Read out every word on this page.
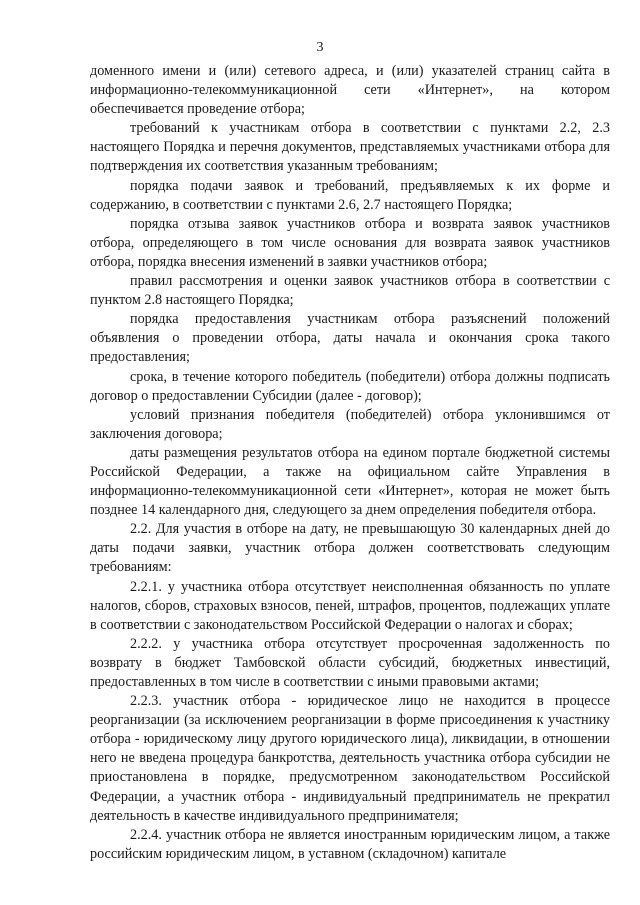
3

доменного имени и (или) сетевого адреса, и (или) указателей страниц сайта в информационно-телекоммуникационной сети «Интернет», на котором обеспечивается проведение отбора;

требований к участникам отбора в соответствии с пунктами 2.2, 2.3 настоящего Порядка и перечня документов, представляемых участниками отбора для подтверждения их соответствия указанным требованиям;

порядка подачи заявок и требований, предъявляемых к их форме и содержанию, в соответствии с пунктами 2.6, 2.7 настоящего Порядка;

порядка отзыва заявок участников отбора и возврата заявок участников отбора, определяющего в том числе основания для возврата заявок участников отбора, порядка внесения изменений в заявки участников отбора;

правил рассмотрения и оценки заявок участников отбора в соответствии с пунктом 2.8 настоящего Порядка;

порядка предоставления участникам отбора разъяснений положений объявления о проведении отбора, даты начала и окончания срока такого предоставления;

срока, в течение которого победитель (победители) отбора должны подписать договор о предоставлении Субсидии (далее - договор);

условий признания победителя (победителей) отбора уклонившимся от заключения договора;

даты размещения результатов отбора на едином портале бюджетной системы Российской Федерации, а также на официальном сайте Управления в информационно-телекоммуникационной сети «Интернет», которая не может быть позднее 14 календарного дня, следующего за днем определения победителя отбора.

2.2. Для участия в отборе на дату, не превышающую 30 календарных дней до даты подачи заявки, участник отбора должен соответствовать следующим требованиям:

2.2.1. у участника отбора отсутствует неисполненная обязанность по уплате налогов, сборов, страховых взносов, пеней, штрафов, процентов, подлежащих уплате в соответствии с законодательством Российской Федерации о налогах и сборах;

2.2.2. у участника отбора отсутствует просроченная задолженность по возврату в бюджет Тамбовской области субсидий, бюджетных инвестиций, предоставленных в том числе в соответствии с иными правовыми актами;

2.2.3. участник отбора - юридическое лицо не находится в процессе реорганизации (за исключением реорганизации в форме присоединения к участнику отбора - юридическому лицу другого юридического лица), ликвидации, в отношении него не введена процедура банкротства, деятельность участника отбора субсидии не приостановлена в порядке, предусмотренном законодательством Российской Федерации, а участник отбора - индивидуальный предприниматель не прекратил деятельность в качестве индивидуального предпринимателя;

2.2.4. участник отбора не является иностранным юридическим лицом, а также российским юридическим лицом, в уставном (складочном) капитале
